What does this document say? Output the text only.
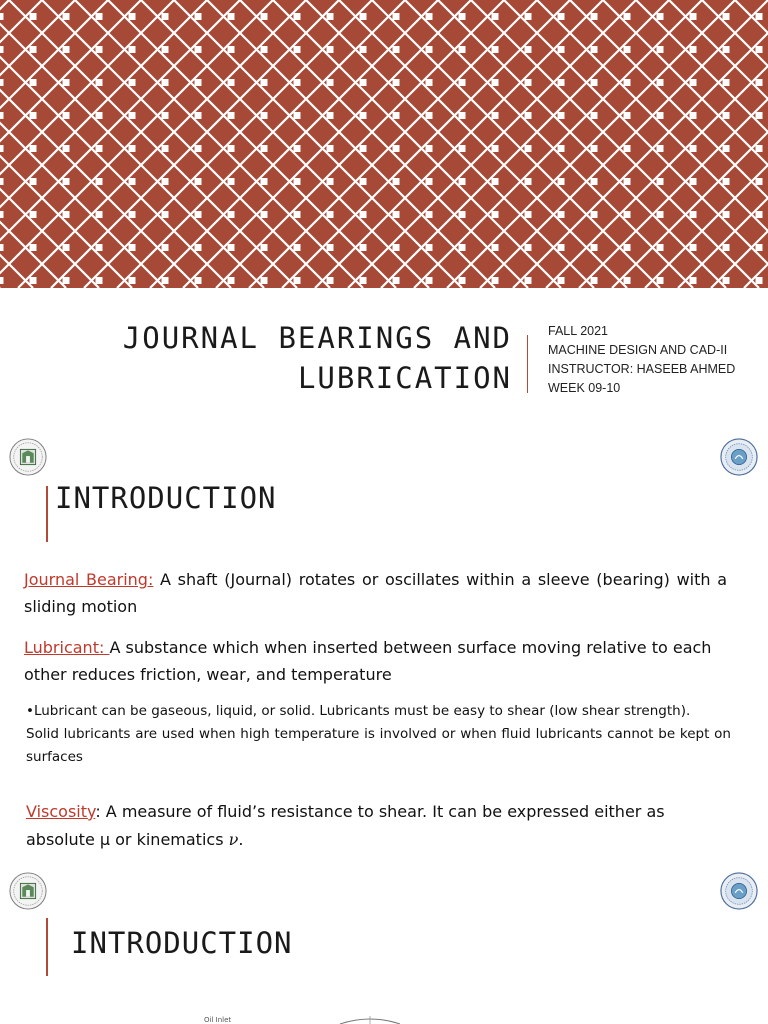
JOURNAL BEARINGS AND
LUBRICATION
FALL 2021
MACHINE DESIGN AND CAD-II
INSTRUCTOR: HASEEB AHMED
WEEK 09-10
INTRODUCTION
Journal Bearing: A shaft (Journal) rotates or oscillates within a sleeve (bearing) with a sliding motion
Lubricant: A substance which when inserted between surface moving relative to each other reduces friction, wear, and temperature
•Lubricant can be gaseous, liquid, or solid. Lubricants must be easy to shear (low shear strength).
Solid lubricants are used when high temperature is involved or when fluid lubricants cannot be kept on surfaces
Viscosity: A measure of fluid’s resistance to shear. It can be expressed either as absolute μ or kinematics ν.
INTRODUCTION
Oil Inlet
